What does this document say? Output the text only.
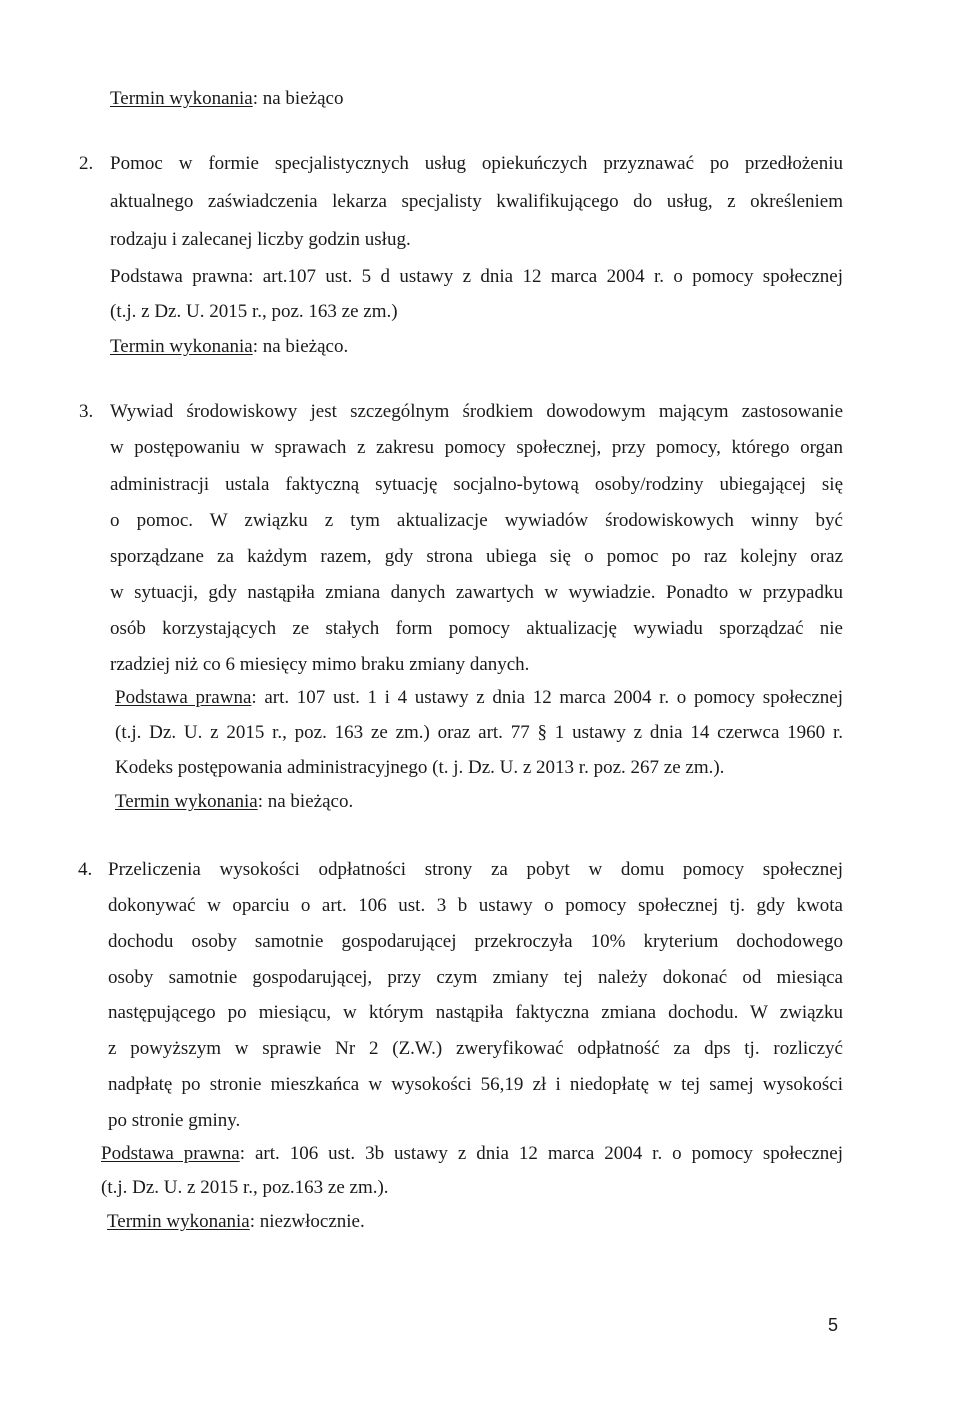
Termin wykonania: na bieżąco
2. Pomoc w formie specjalistycznych usług opiekuńczych przyznawać po przedłożeniu
aktualnego zaświadczenia lekarza specjalisty kwalifikującego do usług, z określeniem
rodzaju i zalecanej liczby godzin usług.
Podstawa prawna: art.107 ust. 5 d ustawy z dnia 12 marca 2004 r. o pomocy społecznej
(t.j. z Dz. U. 2015 r., poz. 163 ze zm.)
Termin wykonania: na bieżąco.
3. Wywiad środowiskowy jest szczególnym środkiem dowodowym mającym zastosowanie
w postępowaniu w sprawach z zakresu pomocy społecznej, przy pomocy, którego organ
administracji ustala faktyczną sytuację socjalno-bytową osoby/rodziny ubiegającej się
o pomoc. W związku z tym aktualizacje wywiadów środowiskowych winny być
sporządzane za każdym razem, gdy strona ubiega się o pomoc po raz kolejny oraz
w sytuacji, gdy nastąpiła zmiana danych zawartych w wywiadzie. Ponadto w przypadku
osób korzystających ze stałych form pomocy aktualizację wywiadu sporządzać nie
rzadziej niż co 6 miesięcy mimo braku zmiany danych.
Podstawa prawna: art. 107 ust. 1 i 4 ustawy z dnia 12 marca 2004 r. o pomocy społecznej
(t.j. Dz. U. z 2015 r., poz. 163 ze zm.) oraz art. 77 § 1 ustawy z dnia 14 czerwca 1960 r.
Kodeks postępowania administracyjnego (t. j. Dz. U. z 2013 r. poz. 267 ze zm.).
Termin wykonania: na bieżąco.
4. Przeliczenia wysokości odpłatności strony za pobyt w domu pomocy społecznej
dokonywać w oparciu o art. 106 ust. 3 b ustawy o pomocy społecznej tj. gdy kwota
dochodu osoby samotnie gospodarującej przekroczyła 10% kryterium dochodowego
osoby samotnie gospodarującej, przy czym zmiany tej należy dokonać od miesiąca
następującego po miesiącu, w którym nastąpiła faktyczna zmiana dochodu. W związku
z powyższym w sprawie Nr 2 (Z.W.) zweryfikować odpłatność za dps tj. rozliczyć
nadpłatę po stronie mieszkańca w wysokości 56,19 zł i niedopłatę w tej samej wysokości
po stronie gminy.
Podstawa prawna: art. 106 ust. 3b ustawy z dnia 12 marca 2004 r. o pomocy społecznej
(t.j. Dz. U. z 2015 r., poz.163 ze zm.).
Termin wykonania: niezwłocznie.
5
